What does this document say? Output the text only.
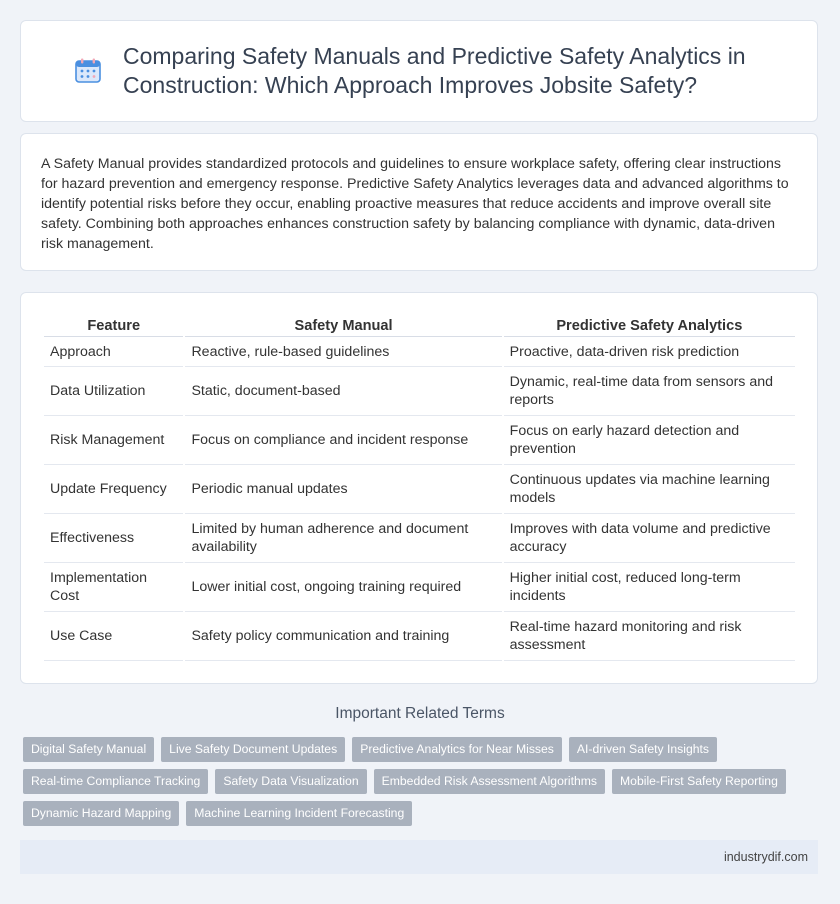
Comparing Safety Manuals and Predictive Safety Analytics in Construction: Which Approach Improves Jobsite Safety?

A Safety Manual provides standardized protocols and guidelines to ensure workplace safety, offering clear instructions for hazard prevention and emergency response. Predictive Safety Analytics leverages data and advanced algorithms to identify potential risks before they occur, enabling proactive measures that reduce accidents and improve overall site safety. Combining both approaches enhances construction safety by balancing compliance with dynamic, data-driven risk management.

Feature	Safety Manual	Predictive Safety Analytics
Approach	Reactive, rule-based guidelines	Proactive, data-driven risk prediction
Data Utilization	Static, document-based	Dynamic, real-time data from sensors and reports
Risk Management	Focus on compliance and incident response	Focus on early hazard detection and prevention
Update Frequency	Periodic manual updates	Continuous updates via machine learning models
Effectiveness	Limited by human adherence and document availability	Improves with data volume and predictive accuracy
Implementation Cost	Lower initial cost, ongoing training required	Higher initial cost, reduced long-term incidents
Use Case	Safety policy communication and training	Real-time hazard monitoring and risk assessment
Important Related Terms
Digital Safety Manual	Live Safety Document Updates	Predictive Analytics for Near Misses	AI-driven Safety Insights
Real-time Compliance Tracking	Safety Data Visualization	Embedded Risk Assessment Algorithms	Mobile-First Safety Reporting
Dynamic Hazard Mapping	Machine Learning Incident Forecasting
industrydif.com
